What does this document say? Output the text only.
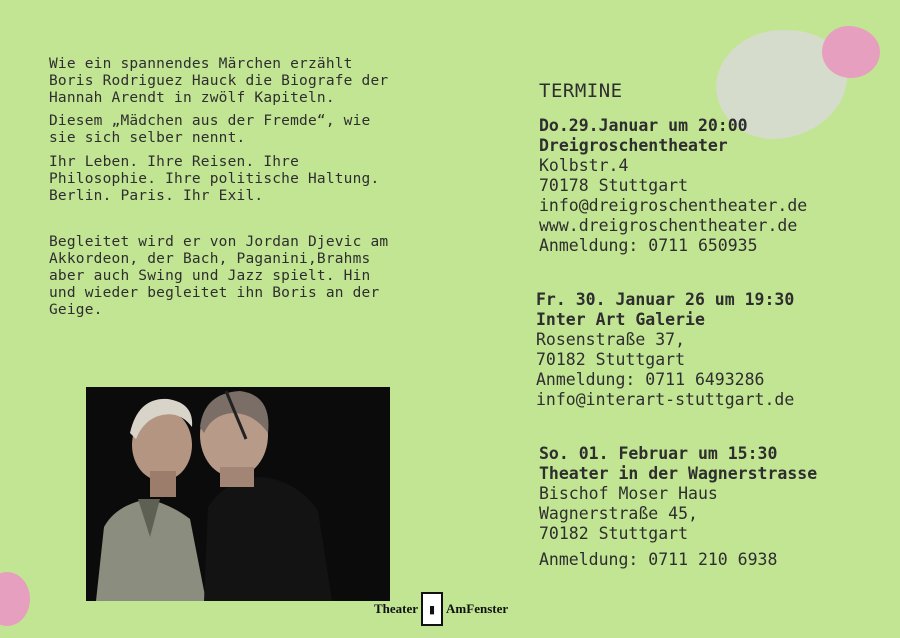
Wie ein spannendes Märchen erzählt
Boris Rodriguez Hauck die Biografe der
Hannah Arendt in zwölf Kapiteln.

Diesem „Mädchen aus der Fremde“, wie
sie sich selber nennt.

Ihr Leben. Ihre Reisen. Ihre
Philosophie. Ihre politische Haltung.
Berlin. Paris. Ihr Exil.

Begleitet wird er von Jordan Djevic am
Akkordeon, der Bach, Paganini,Brahms
aber auch Swing und Jazz spielt. Hin
und wieder begleitet ihn Boris an der
Geige.

Theater ▮ AmFenster
TERMINE
Do.29.Januar um 20:00
Dreigroschentheater
Kolbstr.4
70178 Stuttgart
info@dreigroschentheater.de
www.dreigroschentheater.de
Anmeldung: 0711 650935
Fr. 30. Januar 26 um 19:30
Inter Art Galerie
Rosenstraße 37,
70182 Stuttgart
Anmeldung: 0711 6493286
info@interart-stuttgart.de
So. 01. Februar um 15:30
Theater in der Wagnerstrasse
Bischof Moser Haus
Wagnerstraße 45,
70182 Stuttgart
Anmeldung: 0711 210 6938
